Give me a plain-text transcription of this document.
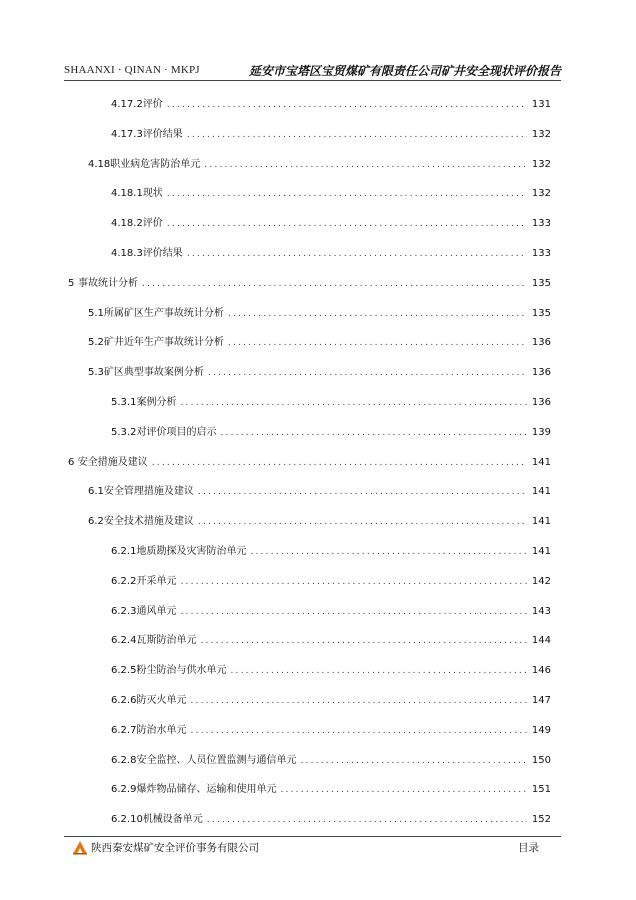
SHAANXI · QINAN · MKPJ	延安市宝塔区宝贸煤矿有限责任公司矿井安全现状评价报告
4.17.2 评价 .....	131
4.17.3 评价结果 .....	132
4.18 职业病危害防治单元 .....	132
4.18.1 现状 .....	132
4.18.2 评价 .....	133
4.18.3 评价结果 .....	133
5 事故统计分析 .....	135
5.1 所属矿区生产事故统计分析 .....	135
5.2 矿井近年生产事故统计分析 .....	136
5.3 矿区典型事故案例分析 .....	136
5.3.1 案例分析 .....	136
5.3.2 对评价项目的启示 .....	139
6 安全措施及建议 .....	141
6.1 安全管理措施及建议 .....	141
6.2 安全技术措施及建议 .....	141
6.2.1 地质勘探及灾害防治单元 .....	141
6.2.2 开采单元 .....	142
6.2.3 通风单元 .....	143
6.2.4 瓦斯防治单元 .....	144
6.2.5 粉尘防治与供水单元 .....	146
6.2.6 防灭火单元 .....	147
6.2.7 防治水单元 .....	149
6.2.8 安全监控、人员位置监测与通信单元 .....	150
6.2.9 爆炸物品储存、运输和使用单元 .....	151
6.2.10 机械设备单元 .....	152
陕西秦安煤矿安全评价事务有限公司	目录
